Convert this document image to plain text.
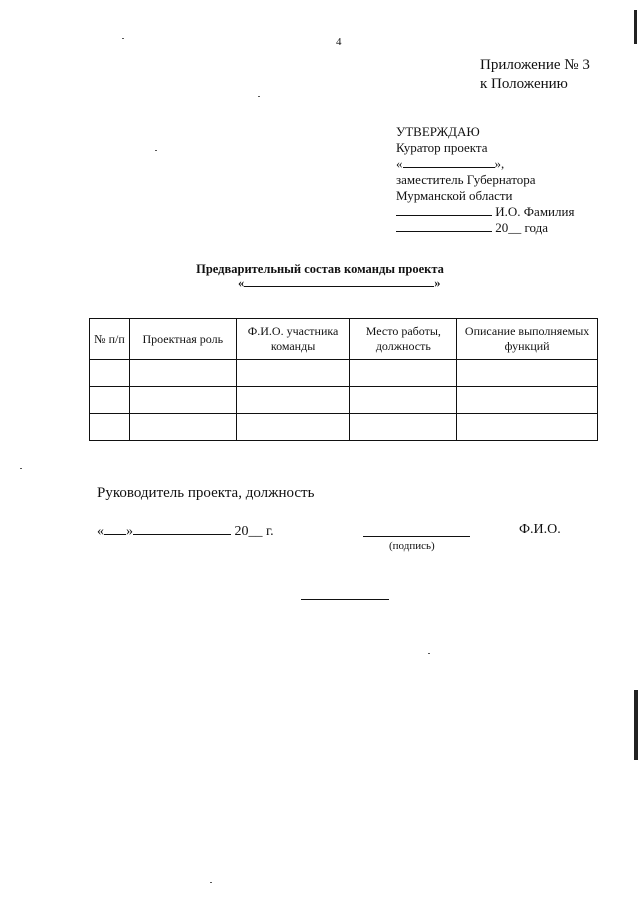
4
Приложение № 3
к Положению
УТВЕРЖДАЮ
Куратор проекта
«	»,
заместитель Губернатора
Мурманской области
И.О. Фамилия
20__ года
Предварительный состав команды проекта
«	»
№ п/п	Проектная роль	Ф.И.О. участника команды	Место работы, должность	Описание выполняемых функций

Руководитель проекта, должность
« »	20__ г.
(подпись)
Ф.И.О.
